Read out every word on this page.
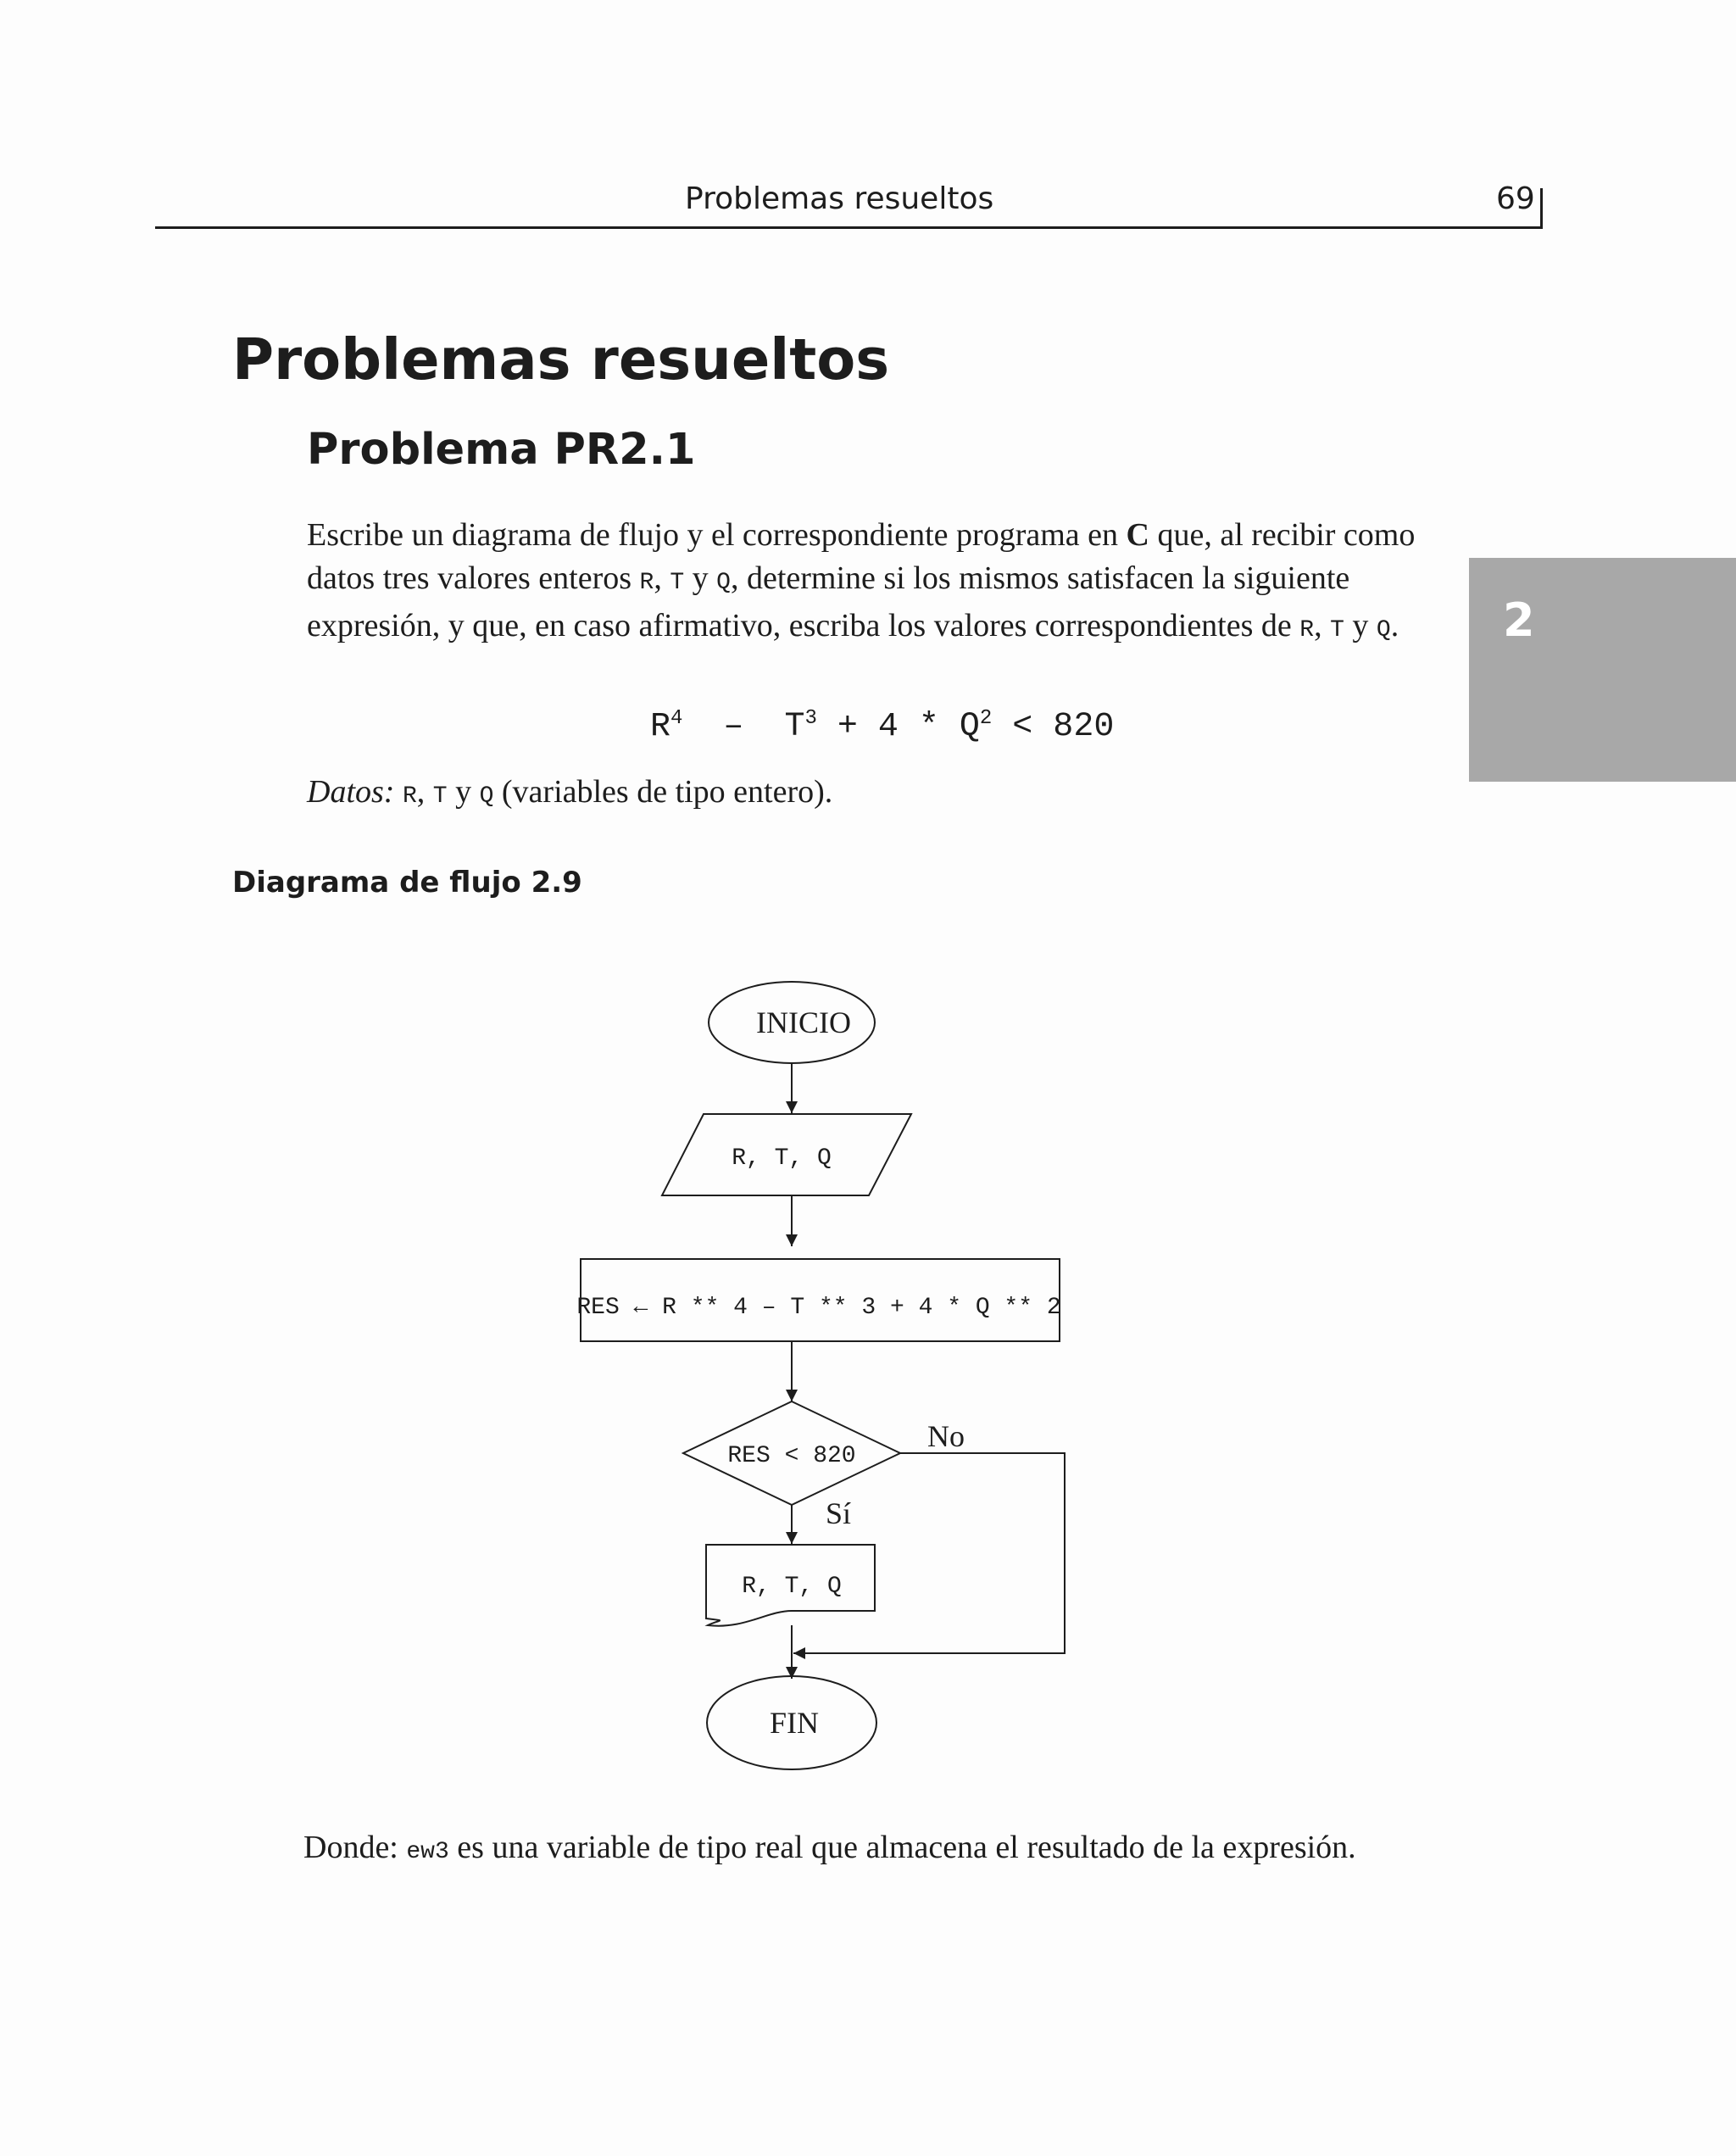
Problemas resueltos	69
2
Problemas resueltos
Problema PR2.1
Escribe un diagrama de flujo y el correspondiente programa en C que, al recibir como datos tres valores enteros R, T y Q, determine si los mismos satisfacen la siguiente expresión, y que, en caso afirmativo, escriba los valores correspondientes de R, T y Q.
$R^4 - T^3 + 4 * Q^2 < 820$
Datos: R, T y Q (variables de tipo entero).
Diagrama de flujo 2.9
INICIO
R, T, Q
RES ← R ** 4 – T ** 3 + 4 * Q ** 2
RES < 820
No
Sí
R, T, Q
FIN
Donde: ew3 es una variable de tipo real que almacena el resultado de la expresión.
